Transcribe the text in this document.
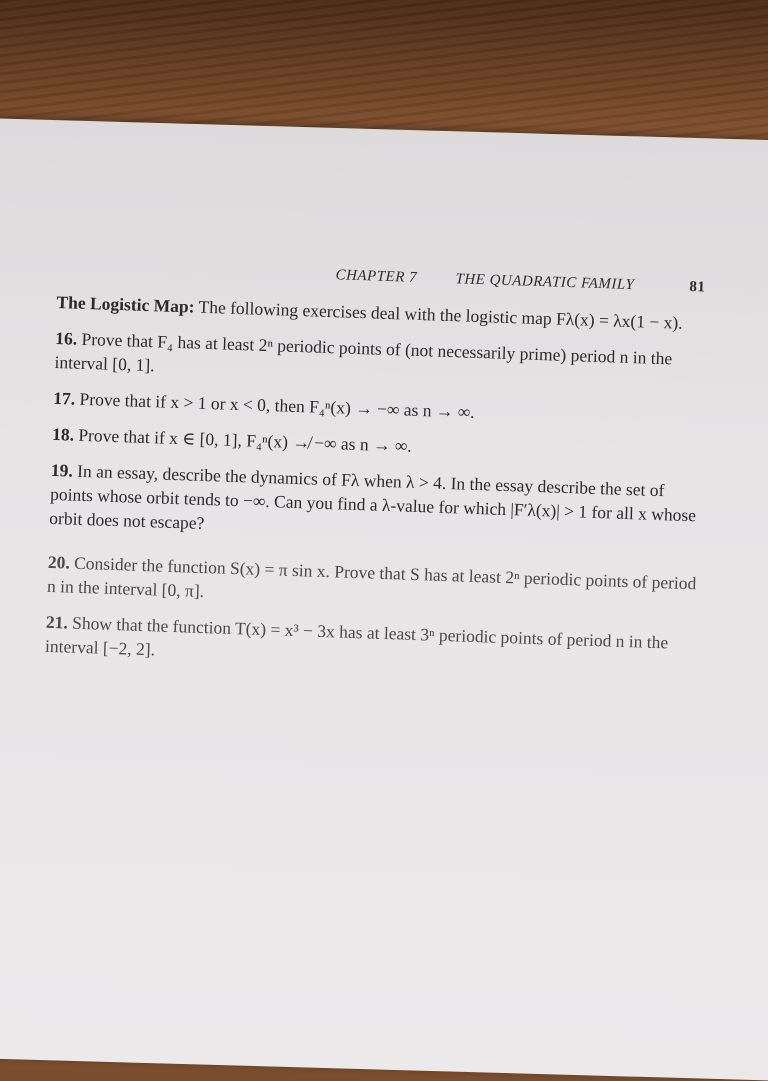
CHAPTER 7	THE QUADRATIC FAMILY	81

The Logistic Map: The following exercises deal with the logistic map Fλ(x) = λx(1 − x).

16. Prove that F₄ has at least 2ⁿ periodic points of (not necessarily prime) period n in the interval [0, 1].

17. Prove that if x > 1 or x < 0, then F₄ⁿ(x) → −∞ as n → ∞.

18. Prove that if x ∈ [0, 1], F₄ⁿ(x) ↛ −∞ as n → ∞.

19. In an essay, describe the dynamics of Fλ when λ > 4. In the essay describe the set of points whose orbit tends to −∞. Can you find a λ-value for which |F′λ(x)| > 1 for all x whose orbit does not escape?

20. Consider the function S(x) = π sin x. Prove that S has at least 2ⁿ periodic points of period n in the interval [0, π].

21. Show that the function T(x) = x³ − 3x has at least 3ⁿ periodic points of period n in the interval [−2, 2].
